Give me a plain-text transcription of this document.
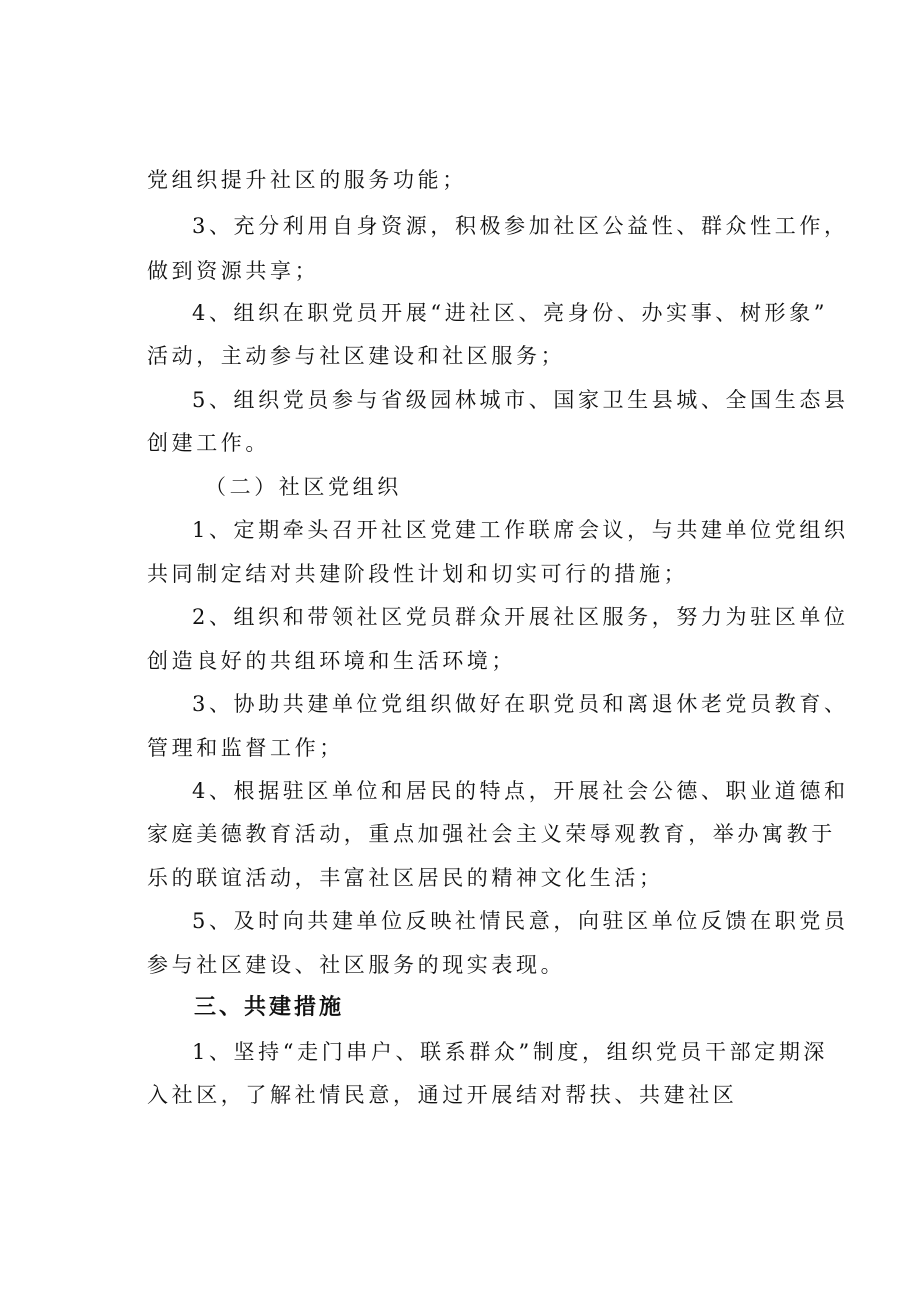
党组织提升社区的服务功能；
3、充分利用自身资源，积极参加社区公益性、群众性工作，
做到资源共享；
4、组织在职党员开展“进社区、亮身份、办实事、树形象”
活动，主动参与社区建设和社区服务；
5、组织党员参与省级园林城市、国家卫生县城、全国生态县
创建工作。
（二）社区党组织
1、定期牵头召开社区党建工作联席会议，与共建单位党组织
共同制定结对共建阶段性计划和切实可行的措施；
2、组织和带领社区党员群众开展社区服务，努力为驻区单位
创造良好的共组环境和生活环境；
3、协助共建单位党组织做好在职党员和离退休老党员教育、
管理和监督工作；
4、根据驻区单位和居民的特点，开展社会公德、职业道德和
家庭美德教育活动，重点加强社会主义荣辱观教育，举办寓教于
乐的联谊活动，丰富社区居民的精神文化生活；
5、及时向共建单位反映社情民意，向驻区单位反馈在职党员
参与社区建设、社区服务的现实表现。
三、共建措施
1、坚持“走门串户、联系群众”制度，组织党员干部定期深
入社区，了解社情民意，通过开展结对帮扶、共建社区
